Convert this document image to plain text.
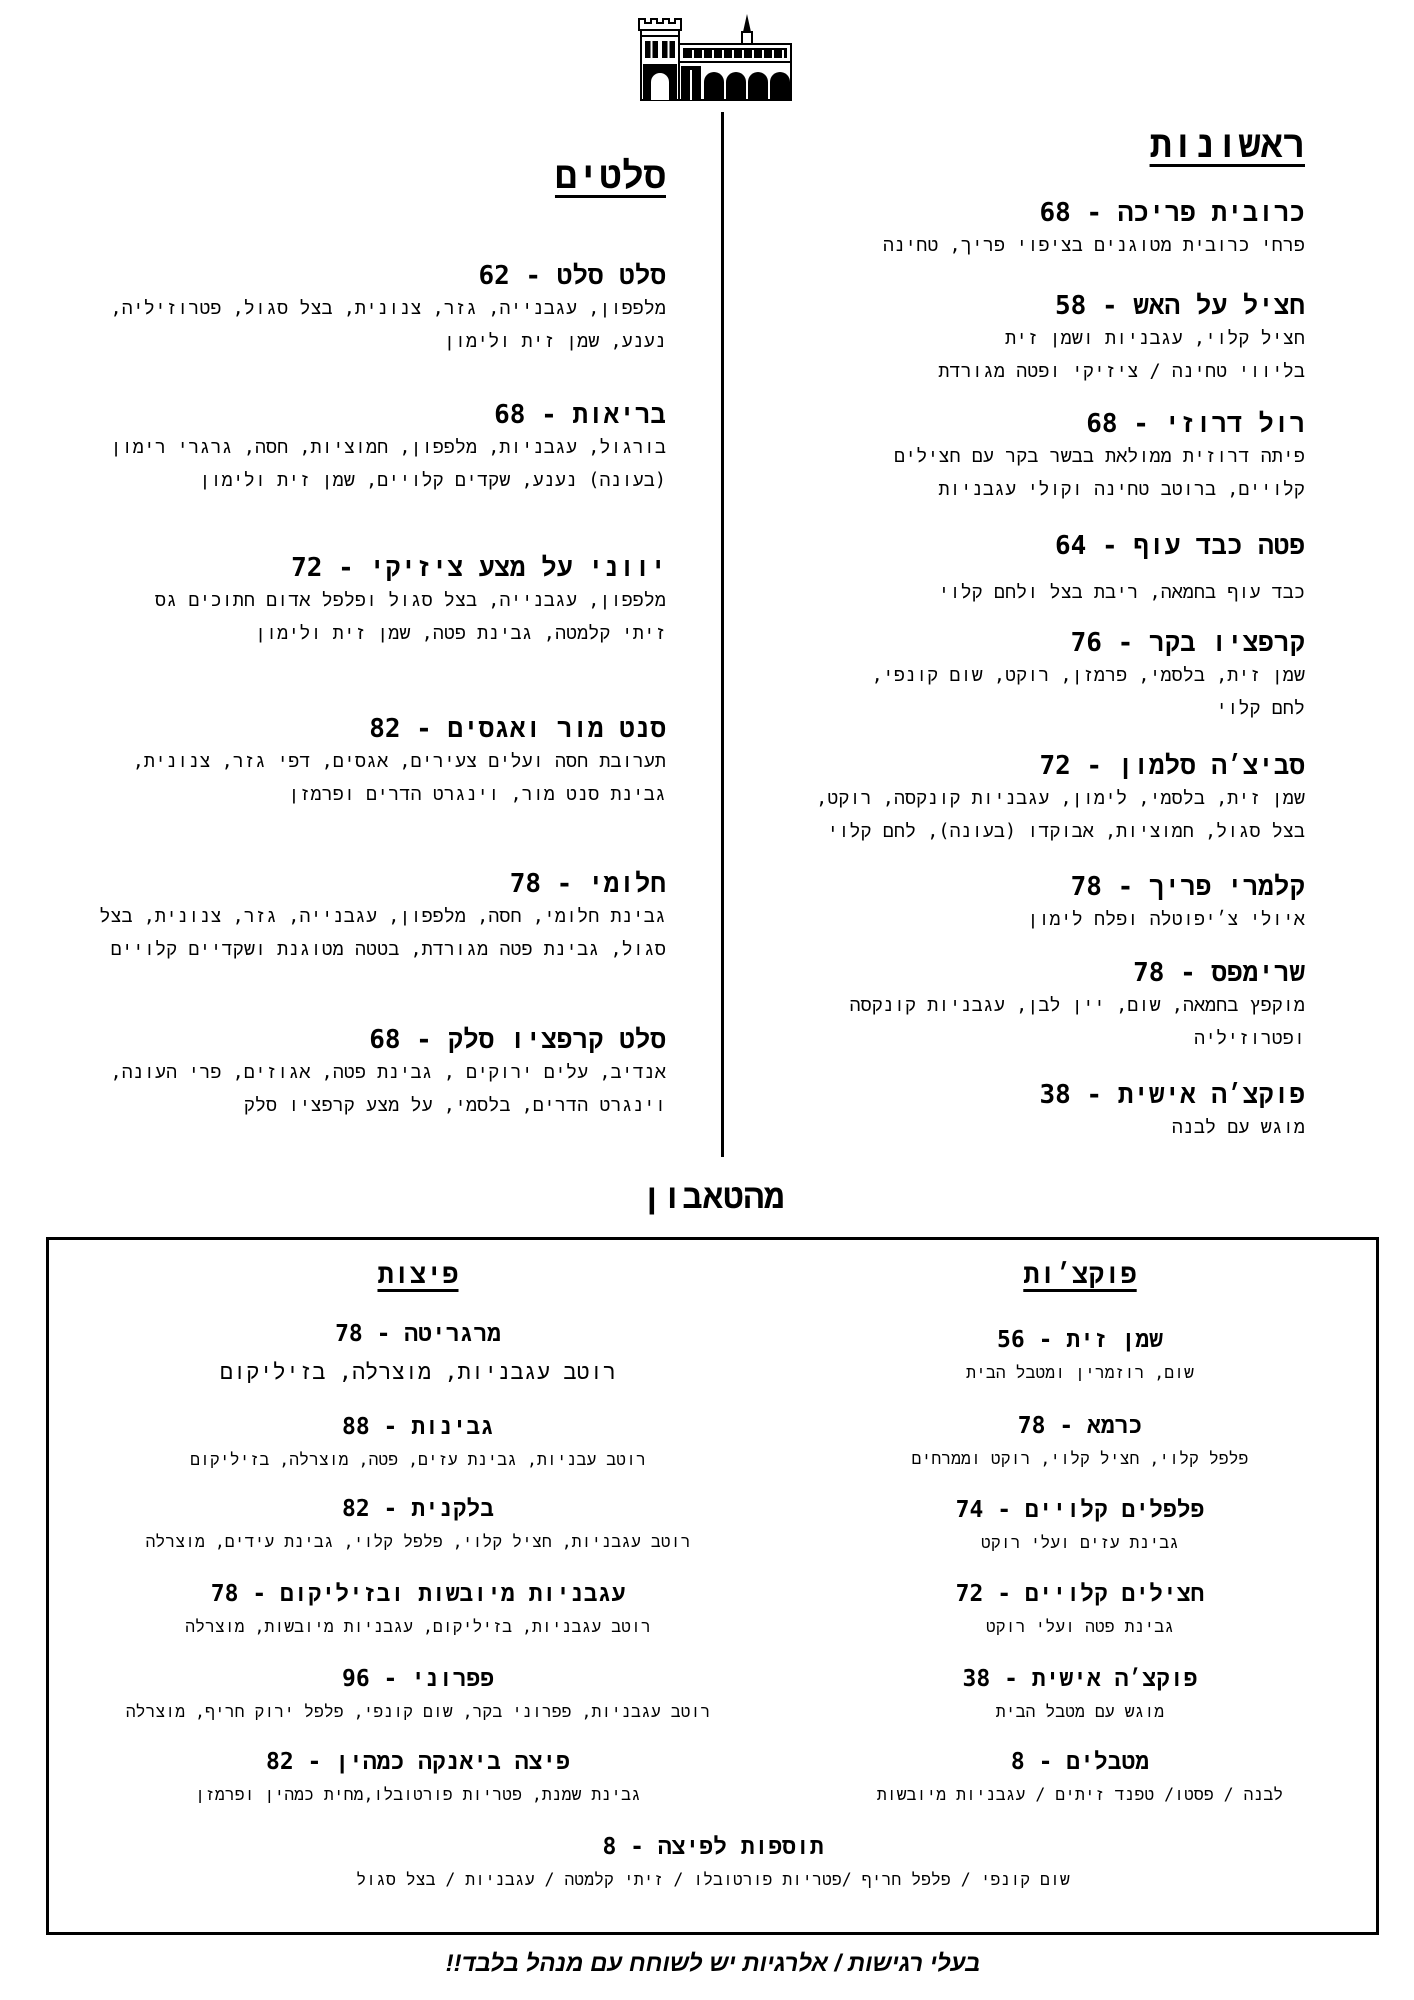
ראשונות
כרובית פריכה - 68
פרחי כרובית מטוגנים בציפוי פריך, טחינה
חציל על האש - 58
חציל קלוי, עגבניות ושמן זית
בליווי טחינה / ציזיקי ופטה מגורדת
רול דרוזי - 68
פיתה דרוזית ממולאת בבשר בקר עם חצילים
קלויים, ברוטב טחינה וקולי עגבניות
פטה כבד עוף - 64
כבד עוף בחמאה, ריבת בצל ולחם קלוי
קרפציו בקר - 76
שמן זית, בלסמי, פרמזן, רוקט, שום קונפי,
לחם קלוי
סביצ׳ה סלמון - 72
שמן זית, בלסמי, לימון, עגבניות קונקסה, רוקט,
בצל סגול, חמוציות, אבוקדו (בעונה), לחם קלוי
קלמרי פריך - 78
איולי צ׳יפוטלה ופלח לימון
שרימפס - 78
מוקפץ בחמאה, שום, יין לבן, עגבניות קונקסה
ופטרוזיליה
פוקצ׳ה אישית - 38
מוגש עם לבנה
סלטים
סלט סלט - 62
מלפפון, עגבנייה, גזר, צנונית, בצל סגול, פטרוזיליה,
נענע, שמן זית ולימון
בריאות - 68
בורגול, עגבניות, מלפפון, חמוציות, חסה, גרגרי רימון
(בעונה) נענע, שקדים קלויים, שמן זית ולימון
יווני על מצע ציזיקי - 72
מלפפון, עגבנייה, בצל סגול ופלפל אדום חתוכים גס
זיתי קלמטה, גבינת פטה, שמן זית ולימון
סנט מור ואגסים - 82
תערובת חסה ועלים צעירים, אגסים, דפי גזר, צנונית,
גבינת סנט מור, וינגרט הדרים ופרמזן
חלומי - 78
גבינת חלומי, חסה, מלפפון, עגבנייה, גזר, צנונית, בצל
סגול, גבינת פטה מגורדת, בטטה מטוגנת ושקדיים קלויים
סלט קרפציו סלק - 68
אנדיב, עלים ירוקים , גבינת פטה, אגוזים, פרי העונה,
וינגרט הדרים, בלסמי, על מצע קרפציו סלק
מהטאבון
פוקצ׳ות
שמן זית - 56
שום, רוזמרין ומטבל הבית
כרמא - 78
פלפל קלוי, חציל קלוי, רוקט וממרחים
פלפלים קלויים - 74
גבינת עזים ועלי רוקט
חצילים קלויים - 72
גבינת פטה ועלי רוקט
פוקצ׳ה אישית - 38
מוגש עם מטבל הבית
מטבלים - 8
לבנה / פסטו/ טפנד זיתים / עגבניות מיובשות
פיצות
מרגריטה - 78
רוטב עגבניות, מוצרלה, בזיליקום
גבינות - 88
רוטב עבניות, גבינת עזים, פטה, מוצרלה, בזיליקום
בלקנית - 82
רוטב עגבניות, חציל קלוי, פלפל קלוי, גבינת עידים, מוצרלה
עגבניות מיובשות ובזיליקום - 78
רוטב עגבניות, בזיליקום, עגבניות מיובשות, מוצרלה
פפרוני - 96
רוטב עגבניות, פפרוני בקר, שום קונפי, פלפל ירוק חריף, מוצרלה
פיצה ביאנקה כמהין - 82
גבינת שמנת, פטריות פורטובלו,מחית כמהין ופרמזן
תוספות לפיצה - 8
שום קונפי / פלפל חריף /פטריות פורטובלו / זיתי קלמטה / עגבניות / בצל סגול
בעלי רגישות / אלרגיות יש לשוחח עם מנהל בלבד!!
